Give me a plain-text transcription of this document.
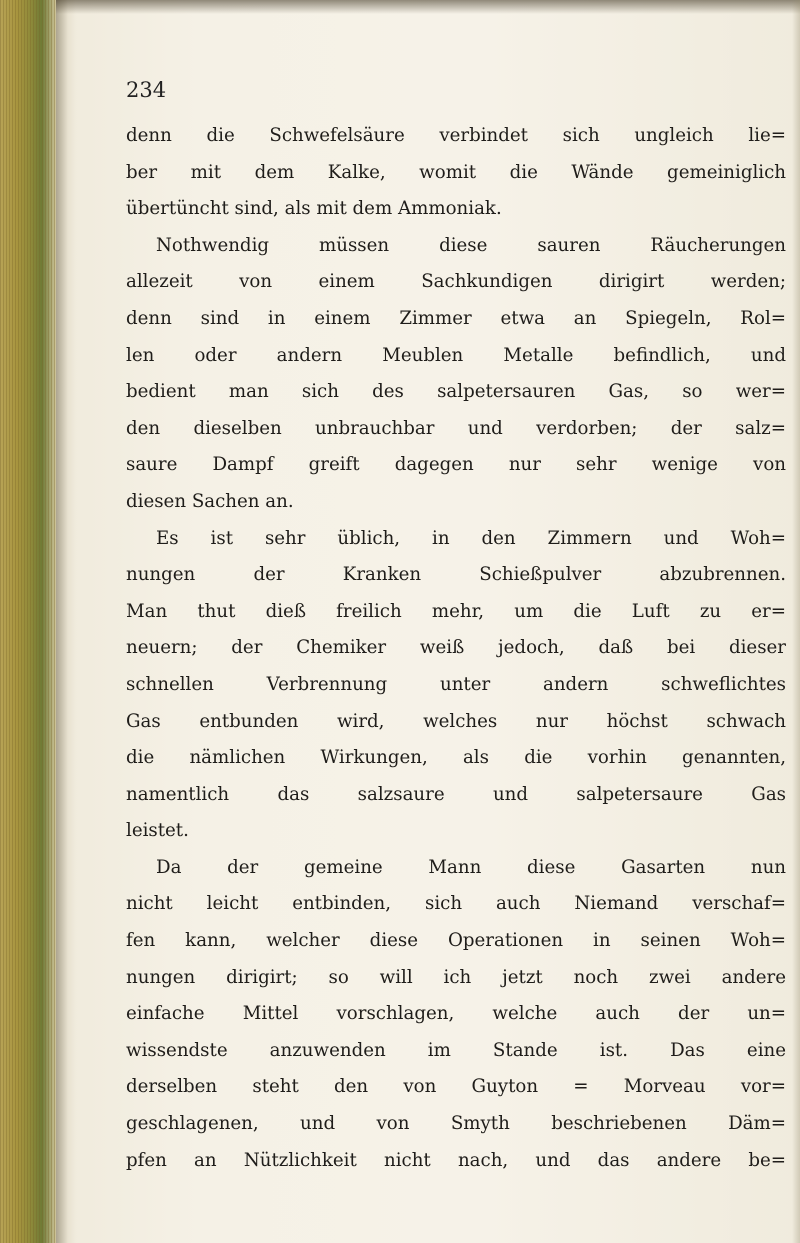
234
denn die Schwefelsäure verbindet sich ungleich lie=
ber mit dem Kalke, womit die Wände gemeiniglich
übertüncht sind, als mit dem Ammoniak.
Nothwendig müssen diese sauren Räucherungen
allezeit von einem Sachkundigen dirigirt werden;
denn sind in einem Zimmer etwa an Spiegeln, Rol=
len oder andern Meublen Metalle befindlich, und
bedient man sich des salpetersauren Gas, so wer=
den dieselben unbrauchbar und verdorben; der salz=
saure Dampf greift dagegen nur sehr wenige von
diesen Sachen an.
Es ist sehr üblich, in den Zimmern und Woh=
nungen der Kranken Schießpulver abzubrennen.
Man thut dieß freilich mehr, um die Luft zu er=
neuern; der Chemiker weiß jedoch, daß bei dieser
schnellen Verbrennung unter andern schweflichtes
Gas entbunden wird, welches nur höchst schwach
die nämlichen Wirkungen, als die vorhin genannten,
namentlich das salzsaure und salpetersaure Gas
leistet.
Da der gemeine Mann diese Gasarten nun
nicht leicht entbinden, sich auch Niemand verschaf=
fen kann, welcher diese Operationen in seinen Woh=
nungen dirigirt; so will ich jetzt noch zwei andere
einfache Mittel vorschlagen, welche auch der un=
wissendste anzuwenden im Stande ist. Das eine
derselben steht den von Guyton = Morveau vor=
geschlagenen, und von Smyth beschriebenen Däm=
pfen an Nützlichkeit nicht nach, und das andere be=
